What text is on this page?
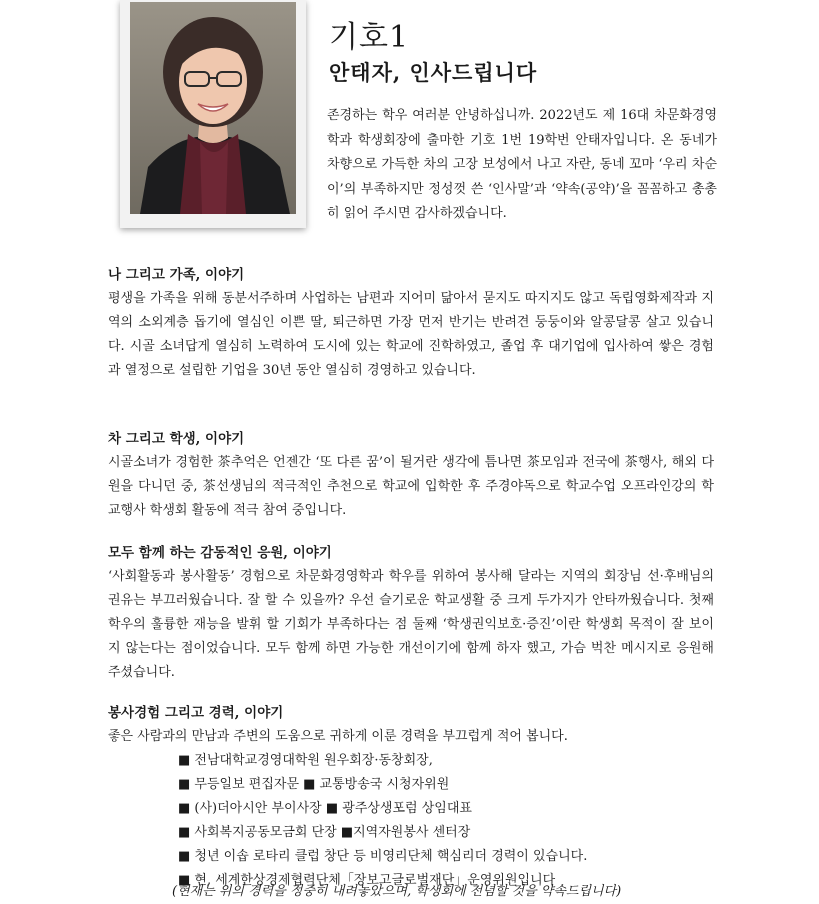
기호1
안태자, 인사드립니다

존경하는 학우 여러분 안녕하십니까. 2022년도 제 16대 차문화경영학과 학생회장에 출마한 기호 1번 19학번 안태자입니다. 온 동네가 차향으로 가득한 차의 고장 보성에서 나고 자란, 동네 꼬마 ‘우리 차순이’의 부족하지만 정성껏 쓴 ‘인사말’과 ‘약속(공약)’을 꼼꼼하고 총총히 읽어 주시면 감사하겠습니다.

나 그리고 가족, 이야기

평생을 가족을 위해 동분서주하며 사업하는 남편과 지어미 닮아서 묻지도 따지지도 않고 독립영화제작과 지역의 소외계층 돕기에 열심인 이쁜 딸, 퇴근하면 가장 먼저 반기는 반려견 둥둥이와 알콩달콩 살고 있습니다. 시골 소녀답게 열심히 노력하여 도시에 있는 학교에 진학하였고, 졸업 후 대기업에 입사하여 쌓은 경험과 열정으로 설립한 기업을 30년 동안 열심히 경영하고 있습니다.

차 그리고 학생, 이야기

시골소녀가 경험한 茶추억은 언젠간 ‘또 다른 꿈’이 될거란 생각에 틈나면 茶모임과 전국에 茶행사, 해외 다원을 다니던 중, 茶선생님의 적극적인 추천으로 학교에 입학한 후 주경야독으로 학교수업 오프라인강의 학교행사 학생회 활동에 적극 참여 중입니다.

모두 함께 하는 감동적인 응원, 이야기

‘사회활동과 봉사활동’ 경험으로 차문화경영학과 학우를 위하여 봉사해 달라는 지역의 회장님 선·후배님의 권유는 부끄러웠습니다. 잘 할 수 있을까? 우선 슬기로운 학교생활 중 크게 두가지가 안타까웠습니다. 첫째 학우의 훌륭한 재능을 발휘 할 기회가 부족하다는 점 둘째 ‘학생권익보호·증진’이란 학생회 목적이 잘 보이지 않는다는 점이었습니다. 모두 함께 하면 가능한 개선이기에 함께 하자 했고, 가슴 벅찬 메시지로 응원해 주셨습니다.

봉사경험 그리고 경력, 이야기

좋은 사람과의 만남과 주변의 도움으로 귀하게 이룬 경력을 부끄럽게 적어 봅니다.

■ 전남대학교경영대학원 원우회장·동창회장,
■ 무등일보 편집자문 ■ 교통방송국 시청자위원
■ (사)더아시안 부이사장 ■ 광주상생포럼 상임대표
■ 사회복지공동모금회 단장 ■지역자원봉사 센터장
■ 청년 이솝 로타리 클럽 창단 등 비영리단체 핵심리더 경력이 있습니다.
■ 현, 세계한상경제협력단체「장보고글로벌재단」운영위원입니다
(현재는 위의 경력을 정중히 내려놓았으며, 학생회에 전념할 것을 약속드립니다)
